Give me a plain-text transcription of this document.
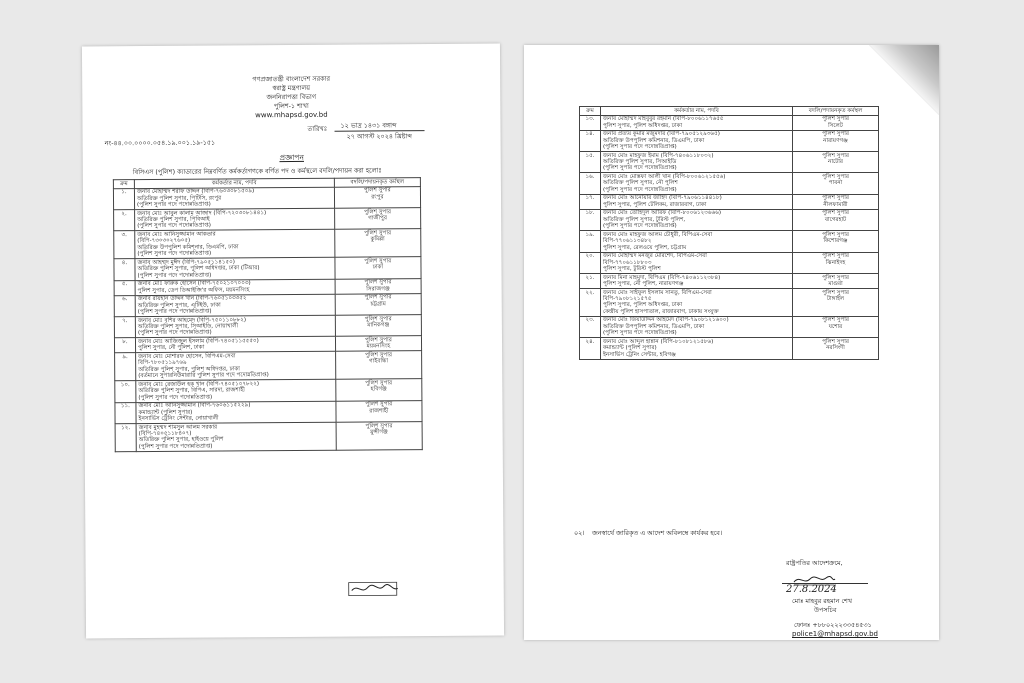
গণপ্রজাতন্ত্রী বাংলাদেশ সরকার
স্বরাষ্ট্র মন্ত্রণালয়
জননিরাপত্তা বিভাগ
পুলিশ-১ শাখা
www.mhapsd.gov.bd
তারিখঃ ১২ ভাদ্র ১৪৩১ বঙ্গাব্দ
২৭ আগস্ট ২০২৪ খ্রিষ্টাব্দ
নং-৪৪.০০.০০০০.০৫৪.১৯.০০১.১৯-১৫১
প্রজ্ঞাপন
বিসিএস (পুলিশ) ক্যাডারের নিম্নবর্ণিত কর্মকর্তাগণকে বর্ণিত পদ ও কর্মস্থলে বদলি/পদায়ন করা হলোঃ
ক্রম	কর্মকর্তার নাম, পদবি	বদলি/পদায়নকৃত কর্মস্থল
১.	জনাব মোহাম্মদ শরীফ উদ্দিন (বিপি-৭৬০৩০৮১৫০৯)
অতিরিক্ত পুলিশ সুপার, পিটিসি, রংপুর
(পুলিশ সুপার পদে পদোন্নতিপ্রাপ্ত)	পুলিশ সুপার
রংপুর

২.	জনাব মোঃ আবুল কালাম আজাদ (বিপি-৭২০৩০৮১৪৪১)
অতিরিক্ত পুলিশ সুপার, পিবিআই
(পুলিশ সুপার পদে পদোন্নতিপ্রাপ্ত)	পুলিশ সুপার
গাজীপুর

৩.	জনাব মোঃ আনিসুজ্জামান আকতার
(বিপি-৭৩০৩০২৭৬০৫)
অতিরিক্ত উপপুলিশ কমিশনার, ডিএমপি, ঢাকা
(পুলিশ সুপার পদে পদোন্নতিপ্রাপ্ত)	পুলিশ সুপার
কুমিল্লা

৪.	জনাব আহম্মদ মুঈদ (বিপি-৭৯০৫১১৪১৫০)
অতিরিক্ত পুলিশ সুপার, পুলিশ অধিদপ্তর, ঢাকা (টিআর)
(পুলিশ সুপার পদে পদোন্নতিপ্রাপ্ত)	পুলিশ সুপার
ঢাকা

৫.	জনাব মোঃ ফারুক হোসেন (বিপি-৭৫০২১০৭০০৩)
পুলিশ সুপার, ডেপ ডিআইজি'র অফিস, ময়মনসিংহ	পুলিশ সুপার
সিরাজগঞ্জ

৬.	জনাব রায়হান উদ্দিন খান (বিপি-৭৬০৫১০৩৩৫২
অতিরিক্ত পুলিশ সুপার, এটিইউ, ঢাকা
(পুলিশ সুপার পদে পদোন্নতিপ্রাপ্ত)	পুলিশ সুপার
চট্টগ্রাম

৭.	জনাব মোঃ বশির আহমেদ (বিপি-৭৫০১১০৮৮২)
অতিরিক্ত পুলিশ সুপার, সিআইডি, নোয়াখালী
(পুলিশ সুপার পদে পদোন্নতিপ্রাপ্ত)	পুলিশ সুপার
মানিকগঞ্জ

৮.	জনাব মোঃ আজিজুল ইসলাম (বিপি-৭৪০৫১১৫৫৫০)
পুলিশ সুপার, নৌ পুলিশ, ঢাকা	পুলিশ সুপার
ময়মনসিংহ

৯.	জনাব মোঃ মোশারফ হোসেন, বিপিএম-সেবা
বিপি-৭৮০৫১১৯৭৬৯
অতিরিক্ত পুলিশ সুপার, পুলিশ অধিদপ্তর, ঢাকা
(বর্তমানে সুপারনিউমারারি পুলিশ সুপার পদে পদোন্নতিপ্রাপ্ত)	পুলিশ সুপার
গাইবান্ধা

১০.	জনাব মোঃ রেজাউল হক খান (বিপি-৭৪০৫১০৭৮২২)
অতিরিক্ত পুলিশ সুপার, বিপিএ, সারদা, রাজশাহী
(পুলিশ সুপার পদে পদোন্নতিপ্রাপ্ত)	পুলিশ সুপার
হবিগঞ্জ

১১.	জনাব মোঃ আনিসুজ্জামান (বিপি-৭৬০৬১১৫২২৯)
কমান্ড্যান্ট (পুলিশ সুপার)
ইনসার্ভিস ট্রেনিং সেন্টার, নোয়াখালী	পুলিশ সুপার
রাজশাহী

১২.	জনাব মুহম্মদ শামসুল আলম সরকার
(বিপি-৭৪০৫১১৮৪০৭)
অতিরিক্ত পুলিশ সুপার, হাইওয়ে পুলিশ
(পুলিশ সুপার পদে পদোন্নতিপ্রাপ্ত)	পুলিশ সুপার
মুন্সীগঞ্জ
ক্রম	কর্মকর্তার নাম, পদবি	বদলি/পদায়নকৃত কর্মস্থল
১৩.	জনাব মোহাম্মদ মাহবুবুর রহমান (বিপি-৮০০৬১১৭৬৫৫
পুলিশ সুপার, পুলিশ অধিদপ্তর, ঢাকা	পুলিশ সুপার
সিলেট

১৪.	জনাব প্রত্যয় কুমার মজুমদার (বিপি-৭৯০৫১২৯৩৬৫)
অতিরিক্ত উপপুলিশ কমিশনার, ডিএমপি, ঢাকা
(পুলিশ সুপার পদে পদোন্নতিপ্রাপ্ত)	পুলিশ সুপার
নারায়ণগঞ্জ

১৫.	জনাব মোঃ মাহফুজ ইমাম (বিপি-৭৪০৬১১৮০৩২)
অতিরিক্ত পুলিশ সুপার, সিআইডি
(পুলিশ সুপার পদে পদোন্নতিপ্রাপ্ত)	পুলিশ সুপার
নাটোর

১৬.	জনাব মোঃ মোস্তফা আলী খান (বিপি-৮০০৬১২১৫৫৬)
অতিরিক্ত পুলিশ সুপার, নৌ পুলিশ
(পুলিশ সুপার পদে পদোন্নতিপ্রাপ্ত)	পুলিশ সুপার
পাবনা

১৭.	জনাব মোঃ আনোয়ার জাহিদ (বিপি-৭৯০৬১১৪৪১৮)
পুলিশ সুপার, পুলিশ টেলিকম, রাজারবাগ, ঢাকা	পুলিশ সুপার
নীলফামারী

১৮.	জনাব মোঃ তৌহিদুল আরিফ (বিপি-৮০০৬১২৩৬৬৬)
অতিরিক্ত পুলিশ সুপার, টুরিস্ট পুলিশ,
(পুলিশ সুপার পদে পদোন্নতিপ্রাপ্ত)	পুলিশ সুপার
বাগেরহাট

১৯.	জনাব মোঃ মাহফুজ আলম চৌধুরী, বিপিএম-সেবা
বিপি-৭৭০৬১১৩৪৮২
পুলিশ সুপার, রেলওয়ে পুলিশ, চট্টগ্রাম	পুলিশ সুপার
কিশোরগঞ্জ

২০.	জনাব মোহাম্মদ মনজুর মোরশেদ, বিপিএম-সেবা
বিপি-৭৭০৬১১৮৮০৩
পুলিশ সুপার, টুরিস্ট পুলিশ	পুলিশ সুপার
ঝিনাইদহ

২১.	জনাব মিনা মাহমুদা, বিপিএম (বিপি-৭৪০৬১১২৩৮৪)
পুলিশ সুপার, নৌ পুলিশ, নারায়ণগঞ্জ	পুলিশ সুপার
মাগুরা

২২.	জনাব মোঃ সাইফুল ইসলাম সানতু, বিপিএম-সেবা
বিপি-৭৯০৮১২১৫৭৫
পুলিশ সুপার, পুলিশ অধিদপ্তর, ঢাকা
কেন্দ্রীয় পুলিশ হাসপাতাল, রাজারবাগ, ঢাকায় সংযুক্ত	পুলিশ সুপার
টাঙ্গাইল

২৩.	জনাব মোঃ জিয়াউদ্দিন আহমেদ (বিপি-৭৯০৮১২১৬০০)
অতিরিক্ত উপপুলিশ কমিশনার, ডিএমপি, ঢাকা
(পুলিশ সুপার পদে পদোন্নতিপ্রাপ্ত)	পুলিশ সুপার
যশোর

২৪.	জনাব মোঃ আব্দুল হান্নান (বিপি-৮১০৮১২১৫৮৬)
কমান্ড্যান্ট (পুলিশ সুপার)
ইনসার্ভিস ট্রেনিং সেন্টার, হবিগঞ্জ	পুলিশ সুপার
নরসিংদী
০২। জনস্বার্থে জারিকৃত এ আদেশ অবিলম্বে কার্যকর হবে।
রাষ্ট্রপতির আদেশক্রমে,
27.8.2024
মোঃ মাহবুর রহমান শেখ
উপসচিব
ফোনঃ +৮৮০২২২৩৩৫৪৫৩১
police1@mhapsd.gov.bd
